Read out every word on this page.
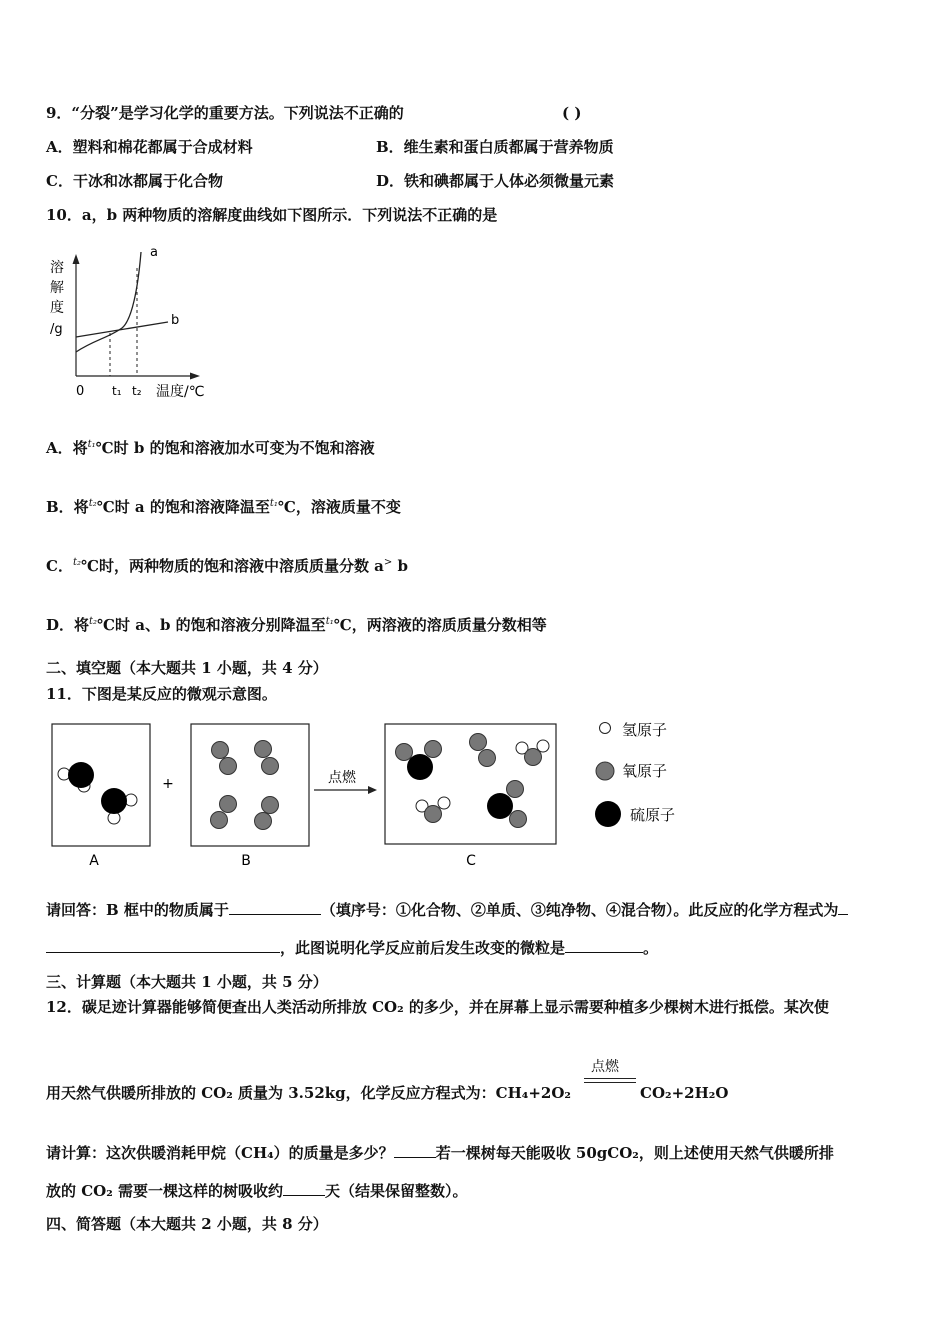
9．“分裂”是学习化学的重要方法。下列说法不正确的	( )
A．塑料和棉花都属于合成材料	B．维生素和蛋白质都属于营养物质
C．干冰和冰都属于化合物	D．铁和碘都属于人体必须微量元素
10．a，b 两种物质的溶解度曲线如下图所示．下列说法不正确的是
溶
解
度
/g
0 t₁ t₂ 温度/℃
a
b
A．将$^{t_1}$℃时 b 的饱和溶液加水可变为不饱和溶液
B．将$^{t_2}$℃时 a 的饱和溶液降温至$^{t_1}$℃，溶液质量不变
C．$^{t_2}$℃时，两种物质的饱和溶液中溶质质量分数 a> b
D．将$^{t_2}$℃时 a、b 的饱和溶液分别降温至$^{t_1}$℃，两溶液的溶质质量分数相等
二、填空题（本大题共 1 小题，共 4 分）
11．下图是某反应的微观示意图。
A
+
B
点燃
C
氢原子
氧原子
硫原子
请回答：B 框中的物质属于	（填序号：①化合物、②单质、③纯净物、④混合物）。此反应的化学方程式为
，此图说明化学反应前后发生改变的微粒是	。
三、计算题（本大题共 1 小题，共 5 分）
12．碳足迹计算器能够简便查出人类活动所排放 CO₂ 的多少，并在屏幕上显示需要种植多少棵树木进行抵偿。某次使
点燃
用天然气供暖所排放的 CO₂ 质量为 3.52kg，化学反应方程式为：CH₄+2O₂	CO₂+2H₂O
请计算：这次供暖消耗甲烷（CH₄）的质量是多少？	若一棵树每天能吸收 50gCO₂，则上述使用天然气供暖所排
放的 CO₂ 需要一棵这样的树吸收约	天（结果保留整数）。
四、简答题（本大题共 2 小题，共 8 分）
